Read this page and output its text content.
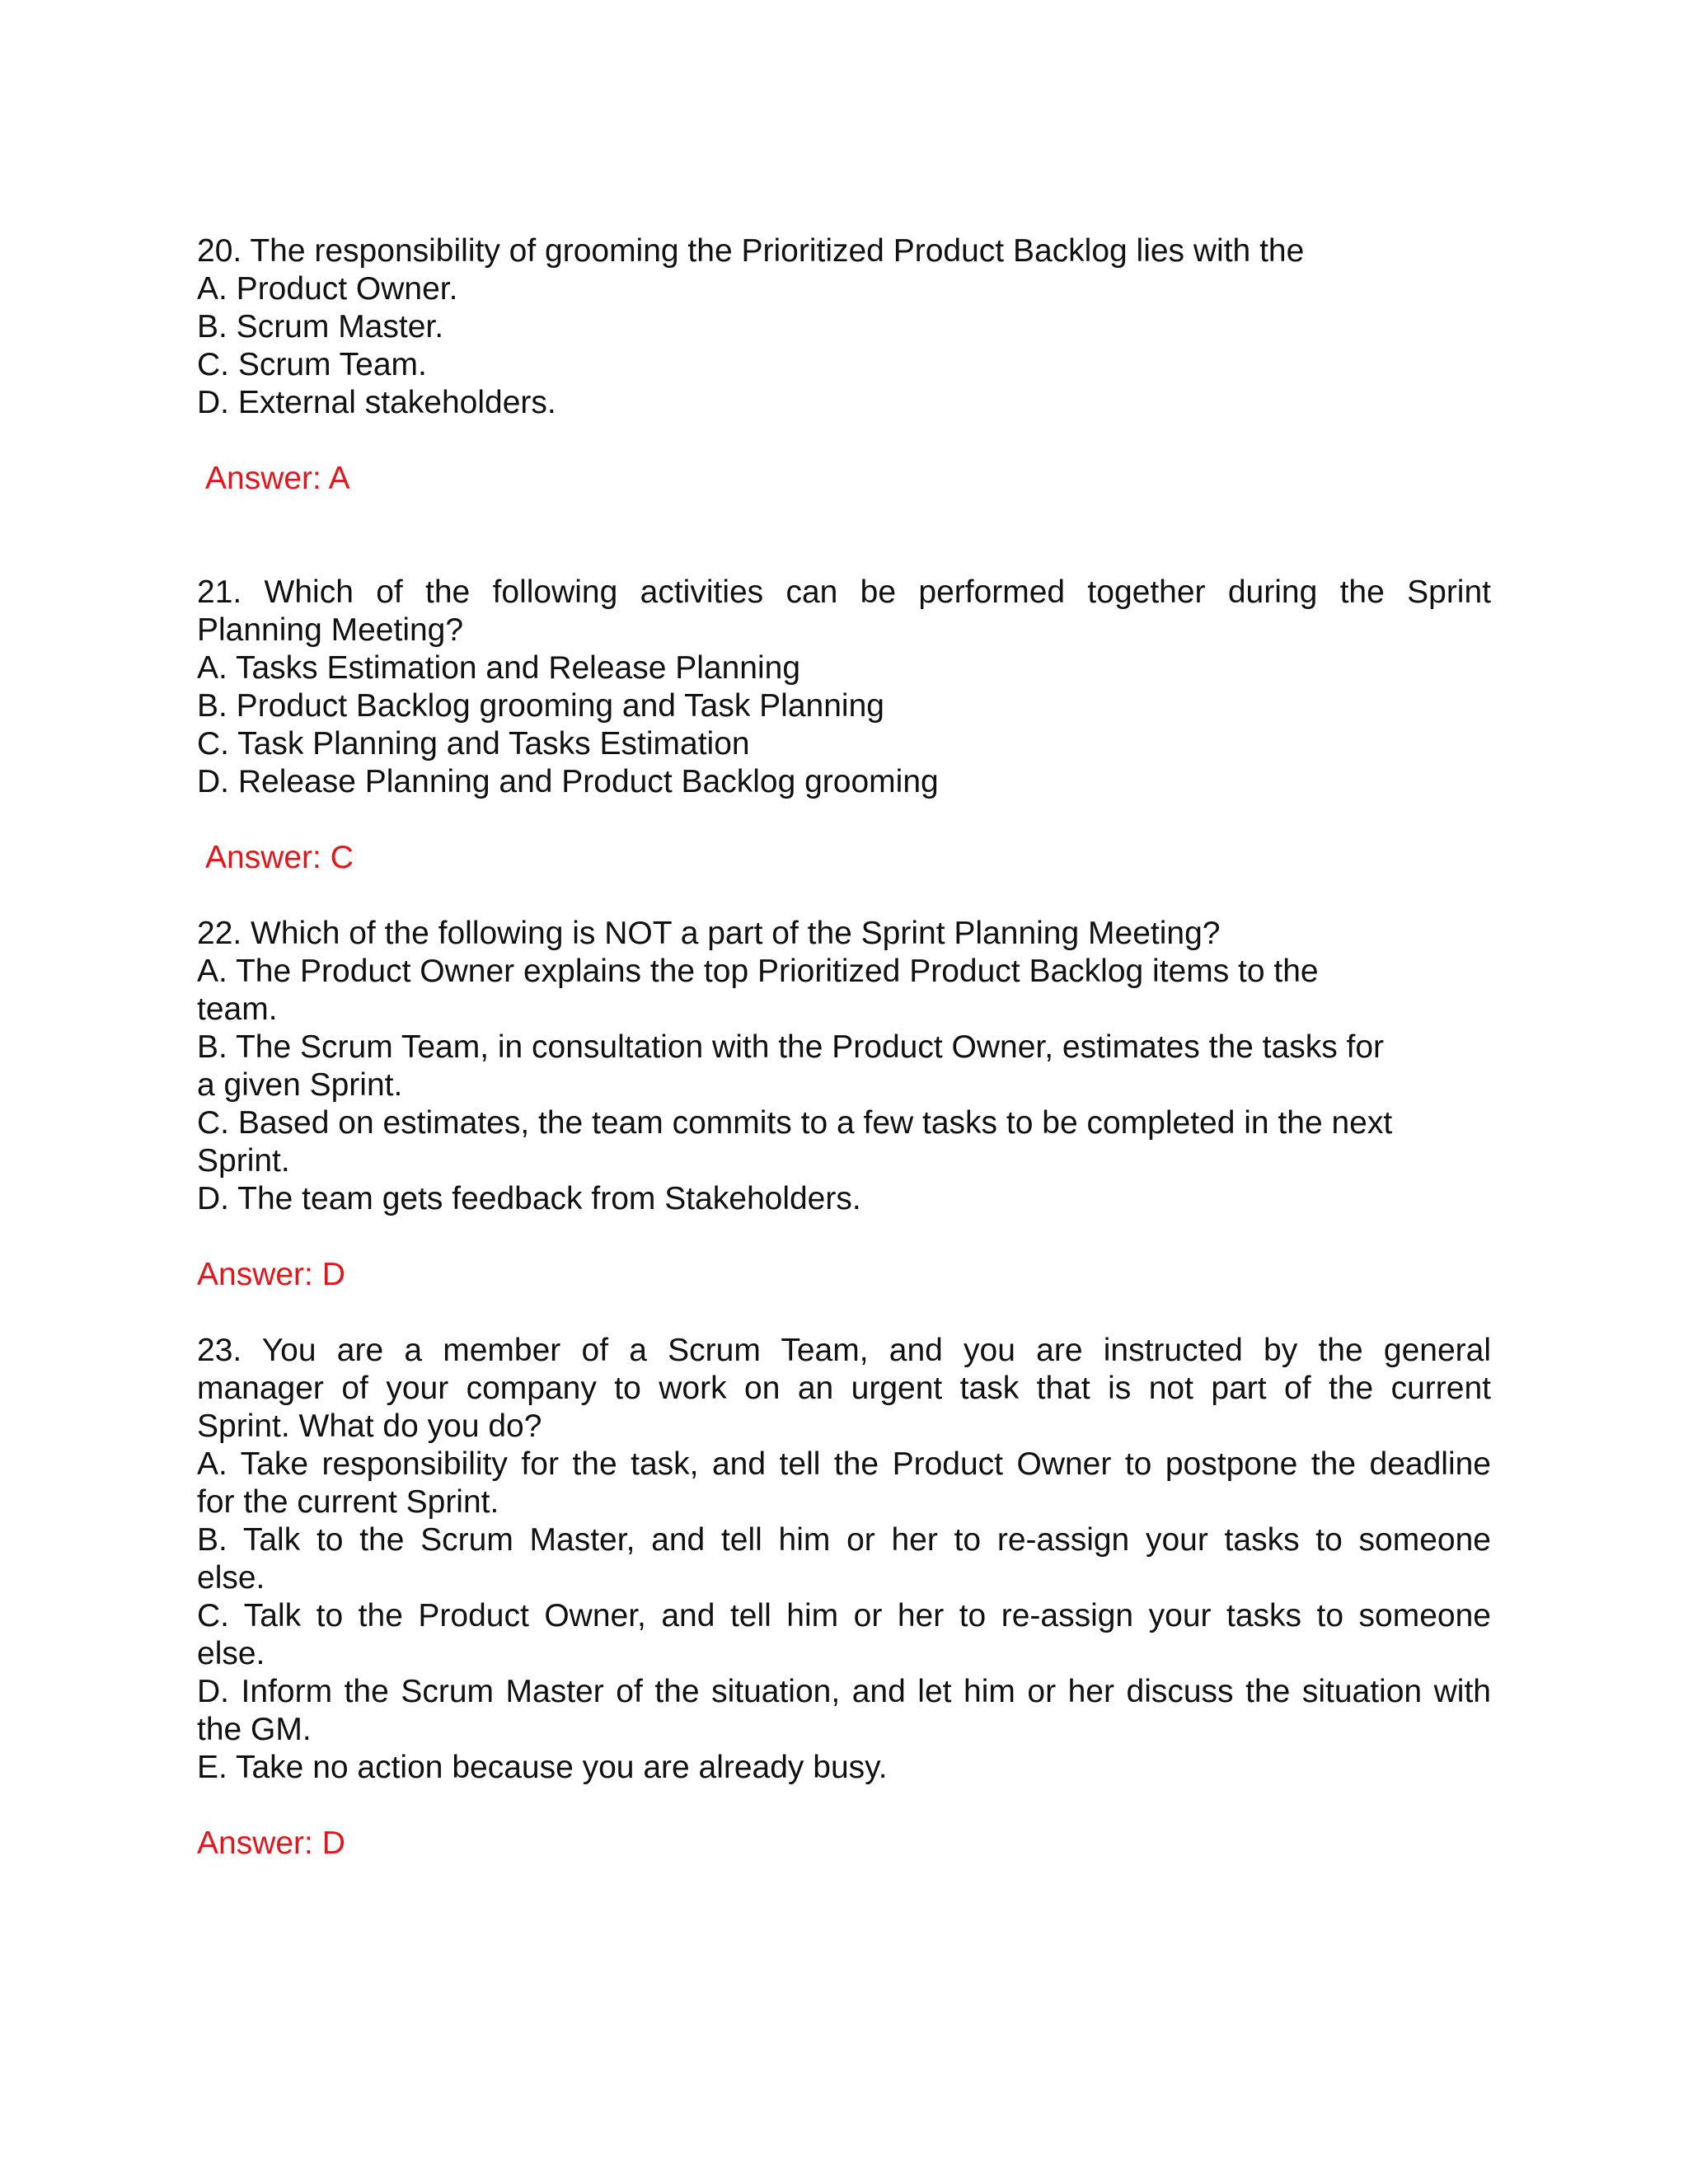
20. The responsibility of grooming the Prioritized Product Backlog lies with the
A. Product Owner.
B. Scrum Master.
C. Scrum Team.
D. External stakeholders.
Answer: A
21. Which of the following activities can be performed together during the Sprint
Planning Meeting?
A. Tasks Estimation and Release Planning
B. Product Backlog grooming and Task Planning
C. Task Planning and Tasks Estimation
D. Release Planning and Product Backlog grooming
Answer: C
22. Which of the following is NOT a part of the Sprint Planning Meeting?
A. The Product Owner explains the top Prioritized Product Backlog items to the
team.
B. The Scrum Team, in consultation with the Product Owner, estimates the tasks for
a given Sprint.
C. Based on estimates, the team commits to a few tasks to be completed in the next
Sprint.
D. The team gets feedback from Stakeholders.
Answer: D
23. You are a member of a Scrum Team, and you are instructed by the general
manager of your company to work on an urgent task that is not part of the current
Sprint. What do you do?
A. Take responsibility for the task, and tell the Product Owner to postpone the deadline
for the current Sprint.
B. Talk to the Scrum Master, and tell him or her to re-assign your tasks to someone
else.
C. Talk to the Product Owner, and tell him or her to re-assign your tasks to someone
else.
D. Inform the Scrum Master of the situation, and let him or her discuss the situation with
the GM.
E. Take no action because you are already busy.
Answer: D
